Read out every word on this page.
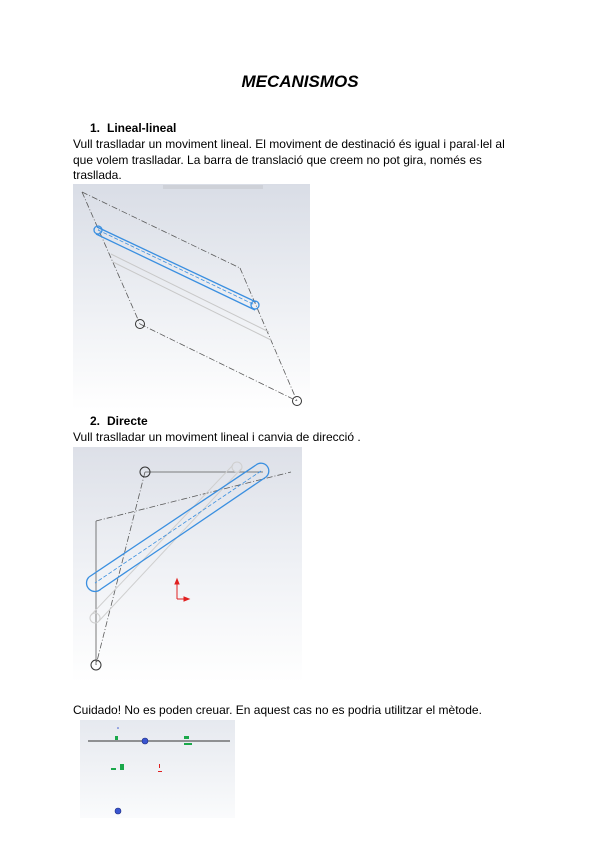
MECANISMOS
1. Lineal-lineal

Vull traslladar un moviment lineal. El moviment de destinació és igual i paral·lel al que volem traslladar. La barra de translació que creem no pot gira, només es traslladа.

2. Directe

Vull traslladar un moviment lineal i canvia de direcció .

Cuidado! No es poden creuar. En aquest cas no es podria utilitzar el mètode.
